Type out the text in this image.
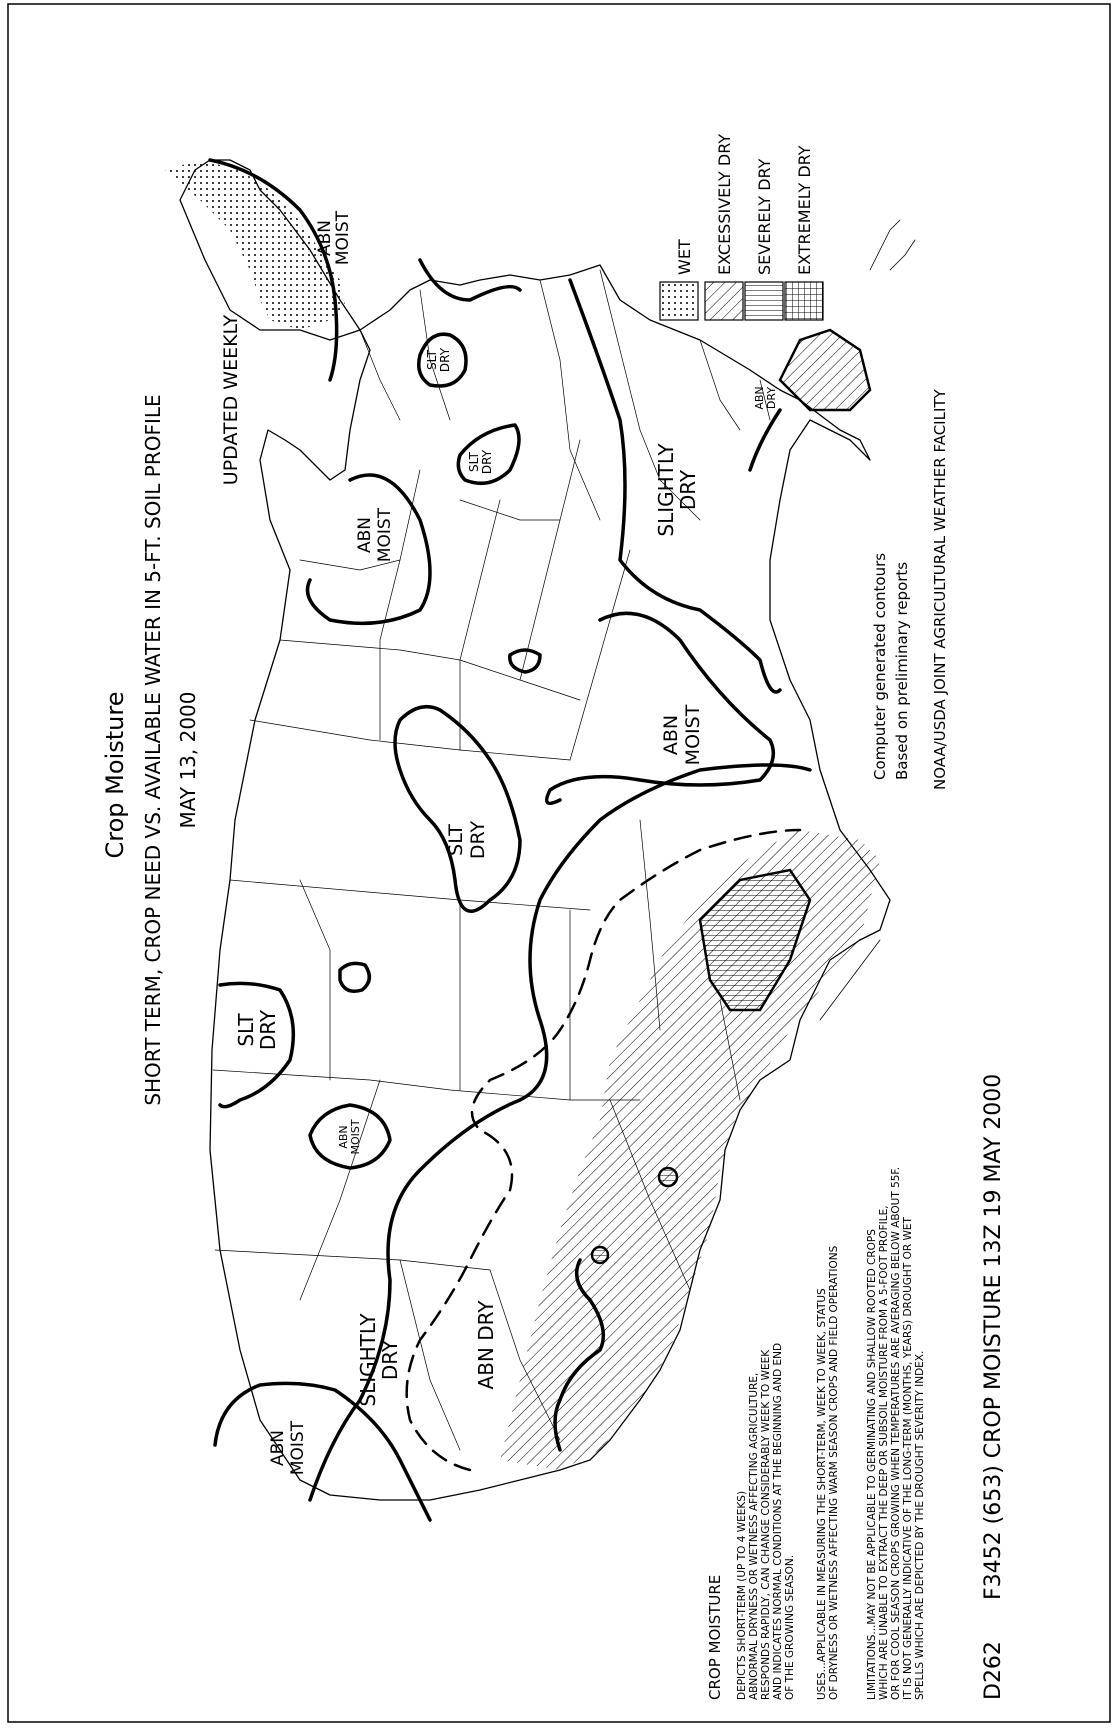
ABNMOIST
SLTDRY
SLTDRY
ABNMOIST	SLIGHTLYDRY
ABNDRY
ABNMOIST
SLTDRY
SLTDRY
ABNMOIST
SLIGHTLYDRY	ABN DRY
ABNMOIST
Crop Moisture SHORT TERM, CROP NEED VS. AVAILABLE WATER IN 5-FT. SOIL PROFILE MAY 13, 2000
UPDATED WEEKLY
WET EXCESSIVELY DRY SEVERELY DRY EXTREMELY DRY
Computer generated contours Based on preliminary reports NOAA/USDA JOINT AGRICULTURAL WEATHER FACILITY
CROP MOISTURE DEPICTS SHORT-TERM (UP TO 4 WEEKS) ABNORMAL DRYNESS OR WETNESS AFFECTING AGRICULTURE, RESPONDS RAPIDLY, CAN CHANGE CONSIDERABLY WEEK TO WEEK AND INDICATES NORMAL CONDITIONS AT THE BEGINNING AND END OF THE GROWING SEASON. USES...APPLICABLE IN MEASURING THE SHORT-TERM, WEEK TO WEEK, STATUS OF DRYNESS OR WETNESS AFFECTING WARM SEASON CROPS AND FIELD OPERATIONS LIMITATIONS...MAY NOT BE APPLICABLE TO GERMINATING AND SHALLOW ROOTED CROPS WHICH ARE UNABLE TO EXTRACT THE DEEP OR SUBSOIL MOISTURE FROM A 5-FOOT PROFILE, OR FOR COOL SEASON CROPS GROWING WHEN TEMPERATURES ARE AVERAGING BELOW ABOUT 55F. IT IS NOT GENERALLY INDICATIVE OF THE LONG-TERM (MONTHS, YEARS) DROUGHT OR WET SPELLS WHICH ARE DEPICTED BY THE DROUGHT SEVERITY INDEX.	D262
F3452 (653) CROP MOISTURE 13Z 19 MAY 2000
